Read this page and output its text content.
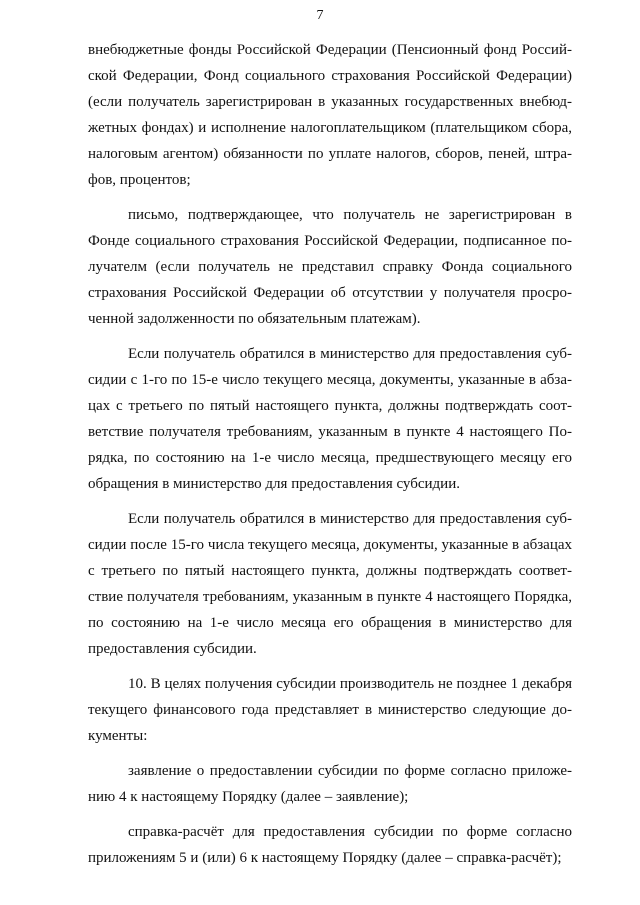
7

внебюджетные фонды Российской Федерации (Пенсионный фонд Российской Федерации, Фонд социального страхования Российской Федерации) (если получатель зарегистрирован в указанных государственных внебюджетных фондах) и исполнение налогоплательщиком (плательщиком сбора, налоговым агентом) обязанности по уплате налогов, сборов, пеней, штрафов, процентов;

письмо, подтверждающее, что получатель не зарегистрирован в Фонде социального страхования Российской Федерации, подписанное получателм (если получатель не представил справку Фонда социального страхования Российской Федерации об отсутствии у получателя просроченной задолженности по обязательным платежам).

Если получатель обратился в министерство для предоставления субсидии с 1-го по 15-е число текущего месяца, документы, указанные в абзацах с третьего по пятый настоящего пункта, должны подтверждать соответствие получателя требованиям, указанным в пункте 4 настоящего Порядка, по состоянию на 1-е число месяца, предшествующего месяцу его обращения в министерство для предоставления субсидии.

Если получатель обратился в министерство для предоставления субсидии после 15-го числа текущего месяца, документы, указанные в абзацах с третьего по пятый настоящего пункта, должны подтверждать соответствие получателя требованиям, указанным в пункте 4 настоящего Порядка, по состоянию на 1-е число месяца его обращения в министерство для предоставления субсидии.

10. В целях получения субсидии производитель не позднее 1 декабря текущего финансового года представляет в министерство следующие документы:

заявление о предоставлении субсидии по форме согласно приложению 4 к настоящему Порядку (далее – заявление);

справка-расчёт для предоставления субсидии по форме согласно приложениям 5 и (или) 6 к настоящему Порядку (далее – справка-расчёт);
